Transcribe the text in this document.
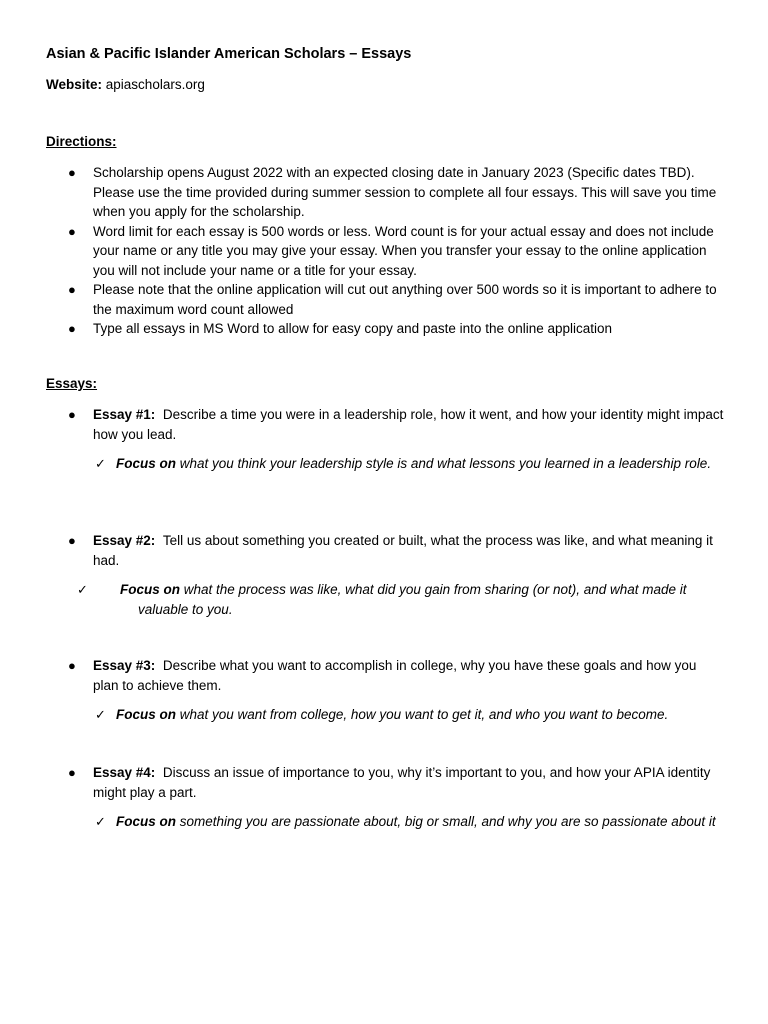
Asian & Pacific Islander American Scholars – Essays
Website: apiascholars.org
Directions:
● Scholarship opens August 2022 with an expected closing date in January 2023 (Specific dates TBD). Please use the time provided during summer session to complete all four essays. This will save you time when you apply for the scholarship.
● Word limit for each essay is 500 words or less. Word count is for your actual essay and does not include your name or any title you may give your essay. When you transfer your essay to the online application you will not include your name or a title for your essay.
● Please note that the online application will cut out anything over 500 words so it is important to adhere to the maximum word count allowed
● Type all essays in MS Word to allow for easy copy and paste into the online application
Essays:
● Essay #1: Describe a time you were in a leadership role, how it went, and how your identity might impact how you lead.
✓ Focus on what you think your leadership style is and what lessons you learned in a leadership role.
● Essay #2: Tell us about something you created or built, what the process was like, and what meaning it had.
✓	Focus on what the process was like, what did you gain from sharing (or not), and what made it valuable to you.
● Essay #3: Describe what you want to accomplish in college, why you have these goals and how you plan to achieve them.
✓ Focus on what you want from college, how you want to get it, and who you want to become.
● Essay #4: Discuss an issue of importance to you, why it’s important to you, and how your APIA identity might play a part.
✓ Focus on something you are passionate about, big or small, and why you are so passionate about it
